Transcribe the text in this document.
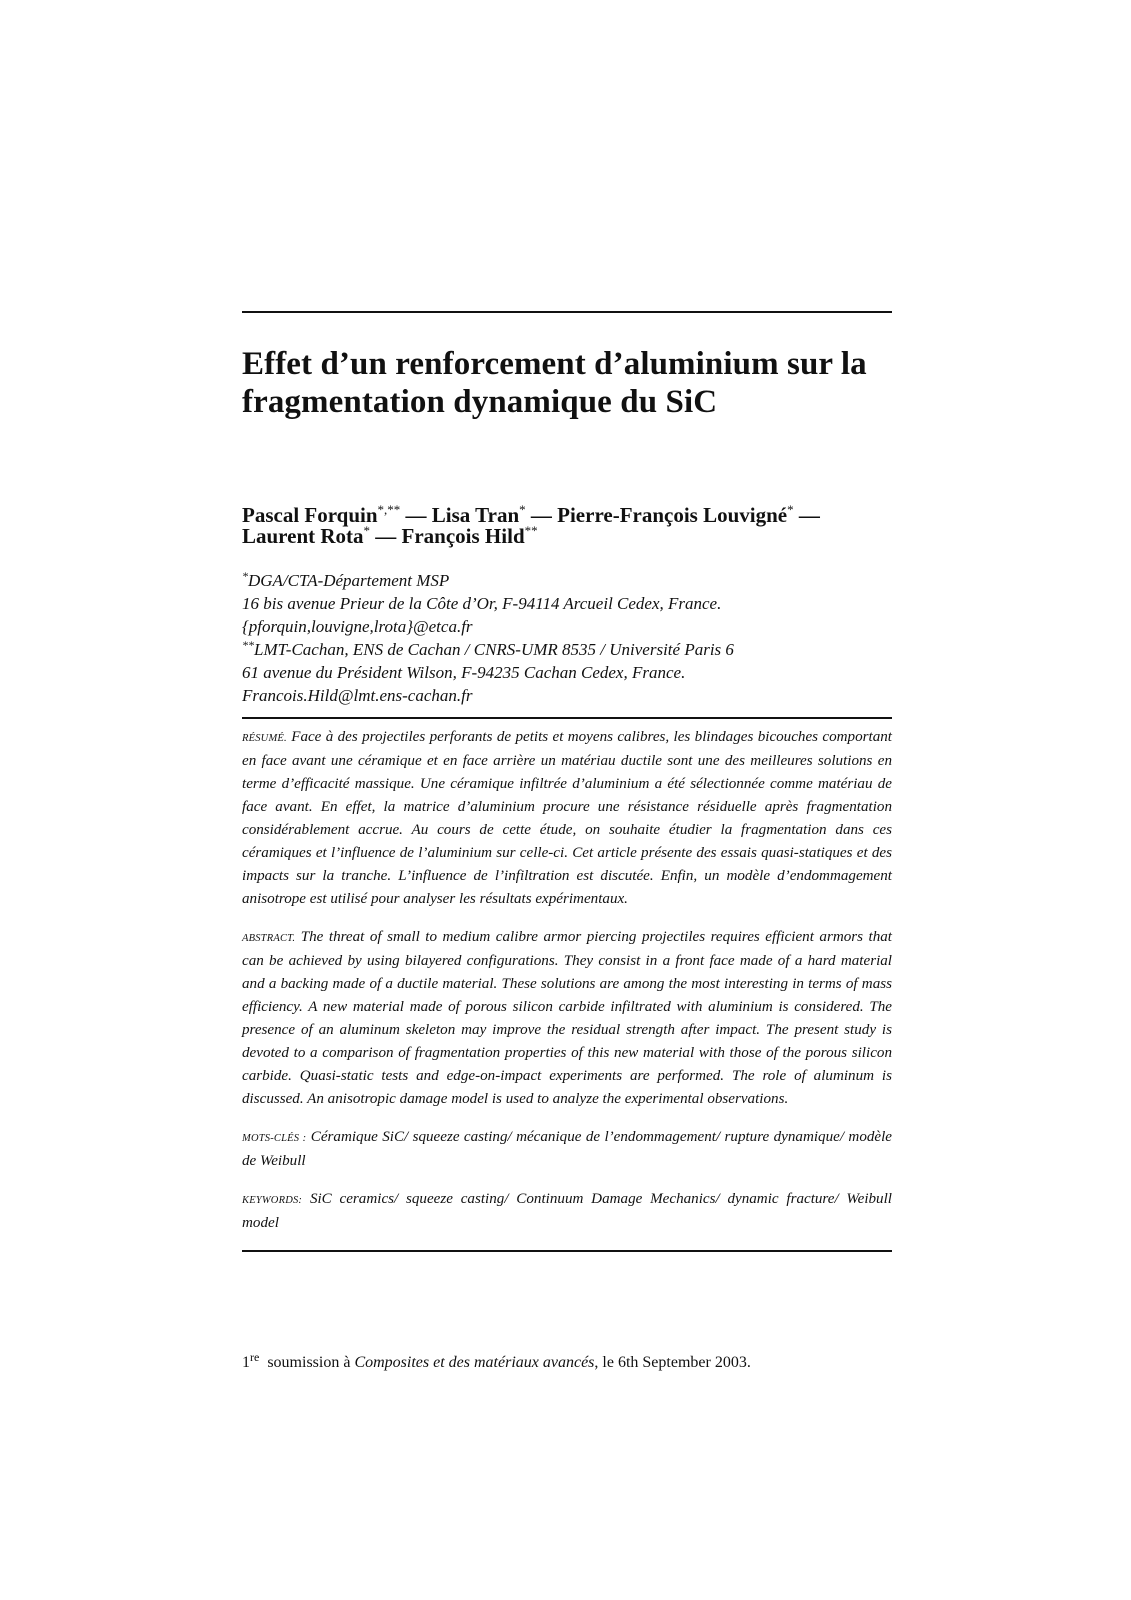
Effet d’un renforcement d’aluminium sur la
fragmentation dynamique du SiC
Pascal Forquin*,** — Lisa Tran* — Pierre-François Louvigné* —
Laurent Rota* — François Hild**
*DGA/CTA-Département MSP
16 bis avenue Prieur de la Côte d’Or, F-94114 Arcueil Cedex, France.
{pforquin,louvigne,lrota}@etca.fr
**LMT-Cachan, ENS de Cachan / CNRS-UMR 8535 / Université Paris 6
61 avenue du Président Wilson, F-94235 Cachan Cedex, France.
Francois.Hild@lmt.ens-cachan.fr

RÉSUMÉ. Face à des projectiles perforants de petits et moyens calibres, les blindages bicouches comportant en face avant une céramique et en face arrière un matériau ductile sont une des meilleures solutions en terme d’efficacité massique. Une céramique infiltrée d’aluminium a été sélectionnée comme matériau de face avant. En effet, la matrice d’aluminium procure une résistance résiduelle après fragmentation considérablement accrue. Au cours de cette étude, on souhaite étudier la fragmentation dans ces céramiques et l’influence de l’aluminium sur celle-ci. Cet article présente des essais quasi-statiques et des impacts sur la tranche. L’influence de l’infiltration est discutée. Enfin, un modèle d’endommagement anisotrope est utilisé pour analyser les résultats expérimentaux.

ABSTRACT. The threat of small to medium calibre armor piercing projectiles requires efficient armors that can be achieved by using bilayered configurations. They consist in a front face made of a hard material and a backing made of a ductile material. These solutions are among the most interesting in terms of mass efficiency. A new material made of porous silicon carbide infiltrated with aluminium is considered. The presence of an aluminum skeleton may improve the residual strength after impact. The present study is devoted to a comparison of fragmentation properties of this new material with those of the porous silicon carbide. Quasi-static tests and edge-on-impact experiments are performed. The role of aluminum is discussed. An anisotropic damage model is used to analyze the experimental observations.

MOTS-CLÉS : Céramique SiC/ squeeze casting/ mécanique de l’endommagement/ rupture dynamique/ modèle de Weibull

KEYWORDS: SiC ceramics/ squeeze casting/ Continuum Damage Mechanics/ dynamic fracture/ Weibull model

1re soumission à Composites et des matériaux avancés, le 6th September 2003.
